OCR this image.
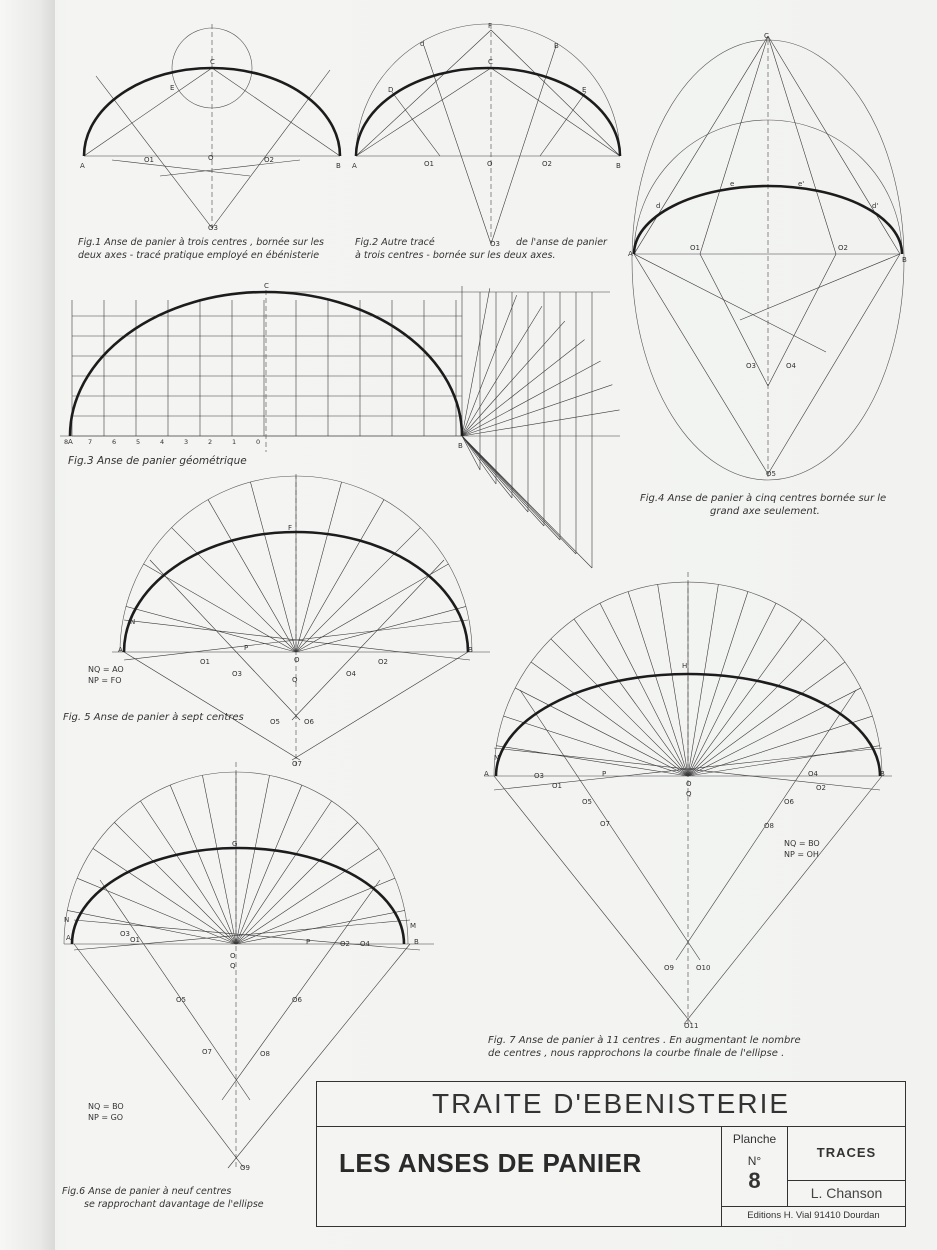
A	B
O
O1	O2
O3
C
E
A	B
O
O1	O2
O3
C
D	E
F
B
d
A	B
C
8	7	6	5	4	3	2	1	0
A
B
C
O1	O2
O3	O4
O5
d
e	e'
d'
A	B
O
O1	O2
O3	O4
O5	O6
O7
F
Q
P
N
A	B
O
G
Q
P
N
M
O1	O2
O3
O4
O5	O6
O7	O8
O9
A	B
O
H
Q
P
N
O1	O2
O3	O4
O5	O6
O7	O8
O9	O10
O11
Fig.1 Anse de panier à trois centres , bornée sur les
deux axes - tracé pratique employé en ébénisterie
Fig.2 Autre tracé
à trois centres - bornée sur les deux axes.
de l'anse de panier
Fig.3 Anse de panier géométrique
Fig.4 Anse de panier à cinq centres bornée sur le
grand axe seulement.
Fig. 5 Anse de panier à sept centres
Fig.6 Anse de panier à neuf centres
se rapprochant davantage de l'ellipse
Fig. 7 Anse de panier à 11 centres . En augmentant le nombre
de centres , nous rapprochons la courbe finale de l'ellipse .
NQ = AO
NP = FO
NQ = BO
NP = GO
NQ = BO
NP = OH
TRAITE D'EBENISTERIE
LES ANSES DE PANIER
Planche
N°
8
TRACES
L. Chanson
Editions H. Vial 91410 Dourdan
